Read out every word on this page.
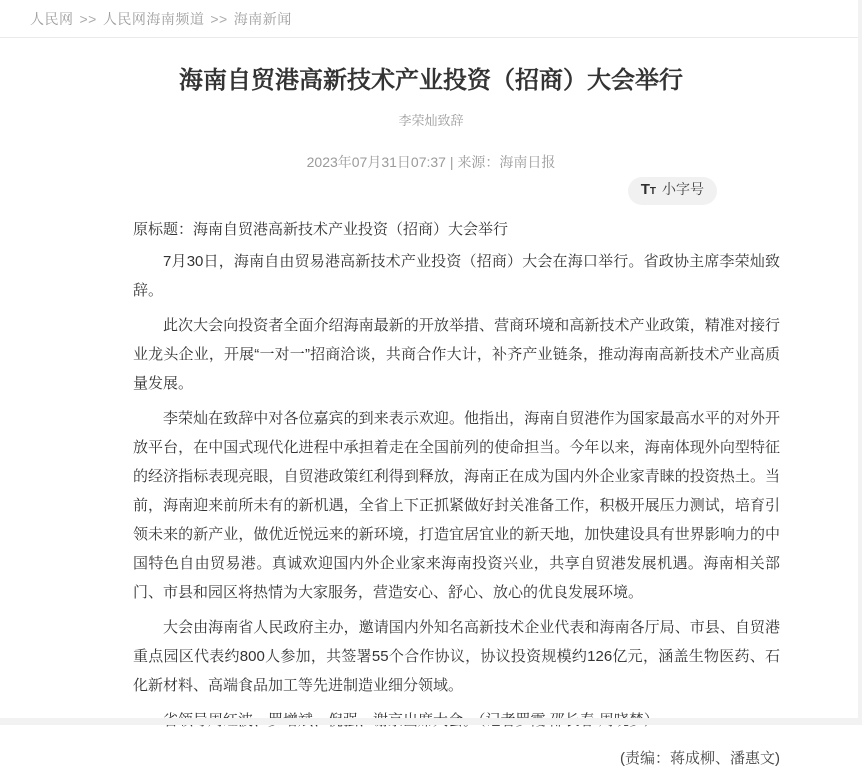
人民网 >> 人民网海南频道 >> 海南新闻
海南自贸港高新技术产业投资（招商）大会举行
李荣灿致辞
2023年07月31日07:37 | 来源：海南日报
TT 小字号

原标题：海南自贸港高新技术产业投资（招商）大会举行

7月30日，海南自由贸易港高新技术产业投资（招商）大会在海口举行。省政协主席李荣灿致辞。

此次大会向投资者全面介绍海南最新的开放举措、营商环境和高新技术产业政策，精准对接行业龙头企业，开展“一对一”招商洽谈，共商合作大计，补齐产业链条，推动海南高新技术产业高质量发展。

李荣灿在致辞中对各位嘉宾的到来表示欢迎。他指出，海南自贸港作为国家最高水平的对外开放平台，在中国式现代化进程中承担着走在全国前列的使命担当。今年以来，海南体现外向型特征的经济指标表现亮眼，自贸港政策红利得到释放，海南正在成为国内外企业家青睐的投资热土。当前，海南迎来前所未有的新机遇，全省上下正抓紧做好封关准备工作，积极开展压力测试，培育引领未来的新产业，做优近悦远来的新环境，打造宜居宜业的新天地，加快建设具有世界影响力的中国特色自由贸易港。真诚欢迎国内外企业家来海南投资兴业，共享自贸港发展机遇。海南相关部门、市县和园区将热情为大家服务，营造安心、舒心、放心的优良发展环境。

大会由海南省人民政府主办，邀请国内外知名高新技术企业代表和海南各厅局、市县、自贸港重点园区代表约800人参加，共签署55个合作协议，协议投资规模约126亿元，涵盖生物医药、石化新材料、高端食品加工等先进制造业细分领域。

(责编：蒋成柳、潘惠文)
